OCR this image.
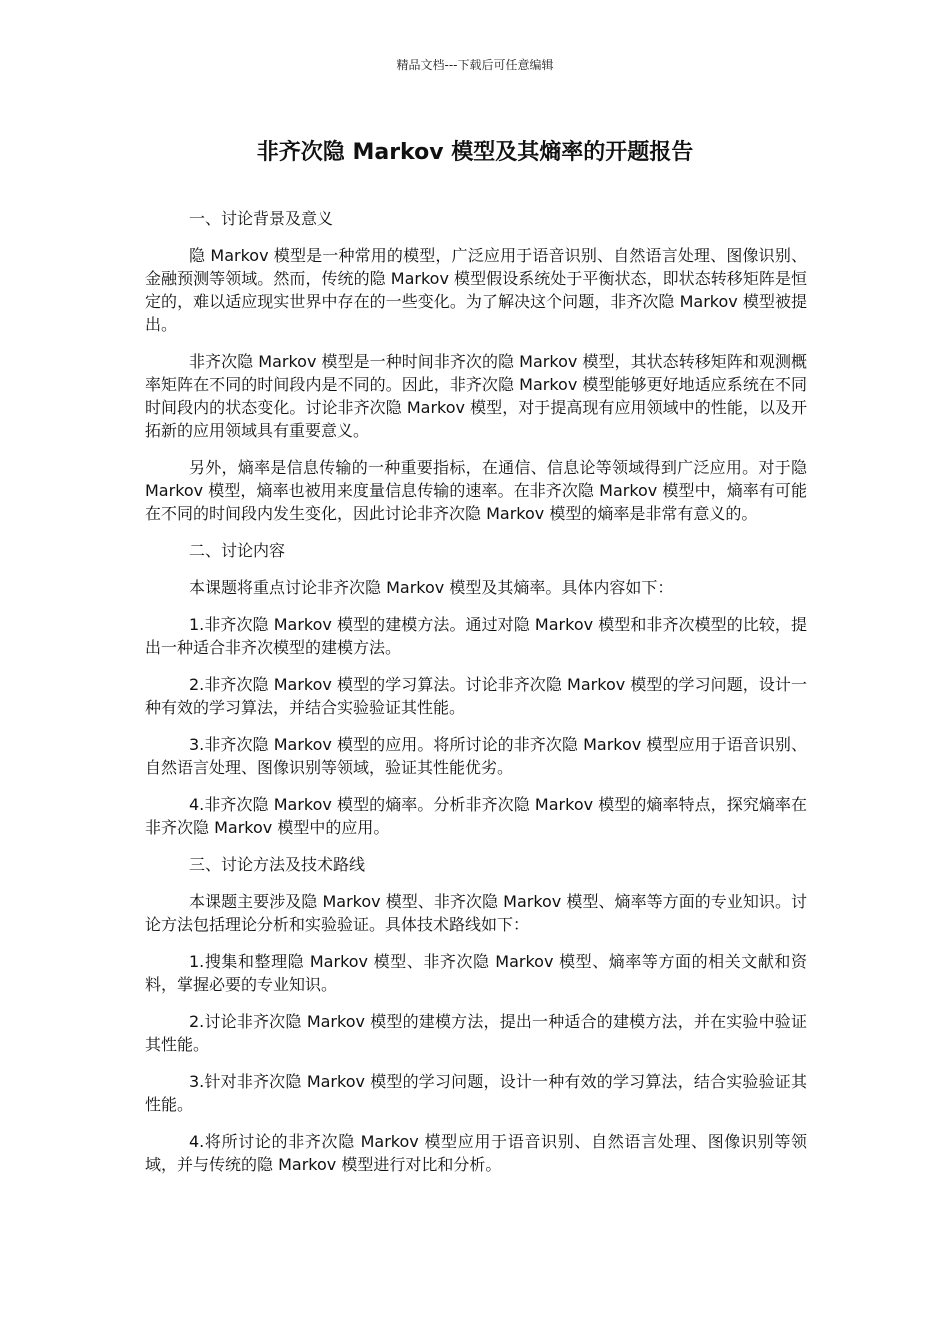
精品文档---下载后可任意编辑
非齐次隐 Markov 模型及其熵率的开题报告

一、讨论背景及意义

隐 Markov 模型是一种常用的模型，广泛应用于语音识别、自然语言处理、图像识别、金融预测等领域。然而，传统的隐 Markov 模型假设系统处于平衡状态，即状态转移矩阵是恒定的，难以适应现实世界中存在的一些变化。为了解决这个问题，非齐次隐 Markov 模型被提出。

非齐次隐 Markov 模型是一种时间非齐次的隐 Markov 模型，其状态转移矩阵和观测概率矩阵在不同的时间段内是不同的。因此，非齐次隐 Markov 模型能够更好地适应系统在不同时间段内的状态变化。讨论非齐次隐 Markov 模型，对于提高现有应用领域中的性能，以及开拓新的应用领域具有重要意义。

另外，熵率是信息传输的一种重要指标，在通信、信息论等领域得到广泛应用。对于隐 Markov 模型，熵率也被用来度量信息传输的速率。在非齐次隐 Markov 模型中，熵率有可能在不同的时间段内发生变化，因此讨论非齐次隐 Markov 模型的熵率是非常有意义的。

二、讨论内容

本课题将重点讨论非齐次隐 Markov 模型及其熵率。具体内容如下：

1.非齐次隐 Markov 模型的建模方法。通过对隐 Markov 模型和非齐次模型的比较，提出一种适合非齐次模型的建模方法。

2.非齐次隐 Markov 模型的学习算法。讨论非齐次隐 Markov 模型的学习问题，设计一种有效的学习算法，并结合实验验证其性能。

3.非齐次隐 Markov 模型的应用。将所讨论的非齐次隐 Markov 模型应用于语音识别、自然语言处理、图像识别等领域，验证其性能优劣。

4.非齐次隐 Markov 模型的熵率。分析非齐次隐 Markov 模型的熵率特点，探究熵率在非齐次隐 Markov 模型中的应用。

三、讨论方法及技术路线

本课题主要涉及隐 Markov 模型、非齐次隐 Markov 模型、熵率等方面的专业知识。讨论方法包括理论分析和实验验证。具体技术路线如下：

1.搜集和整理隐 Markov 模型、非齐次隐 Markov 模型、熵率等方面的相关文献和资料，掌握必要的专业知识。

2.讨论非齐次隐 Markov 模型的建模方法，提出一种适合的建模方法，并在实验中验证其性能。

3.针对非齐次隐 Markov 模型的学习问题，设计一种有效的学习算法，结合实验验证其性能。

4.将所讨论的非齐次隐 Markov 模型应用于语音识别、自然语言处理、图像识别等领域，并与传统的隐 Markov 模型进行对比和分析。
